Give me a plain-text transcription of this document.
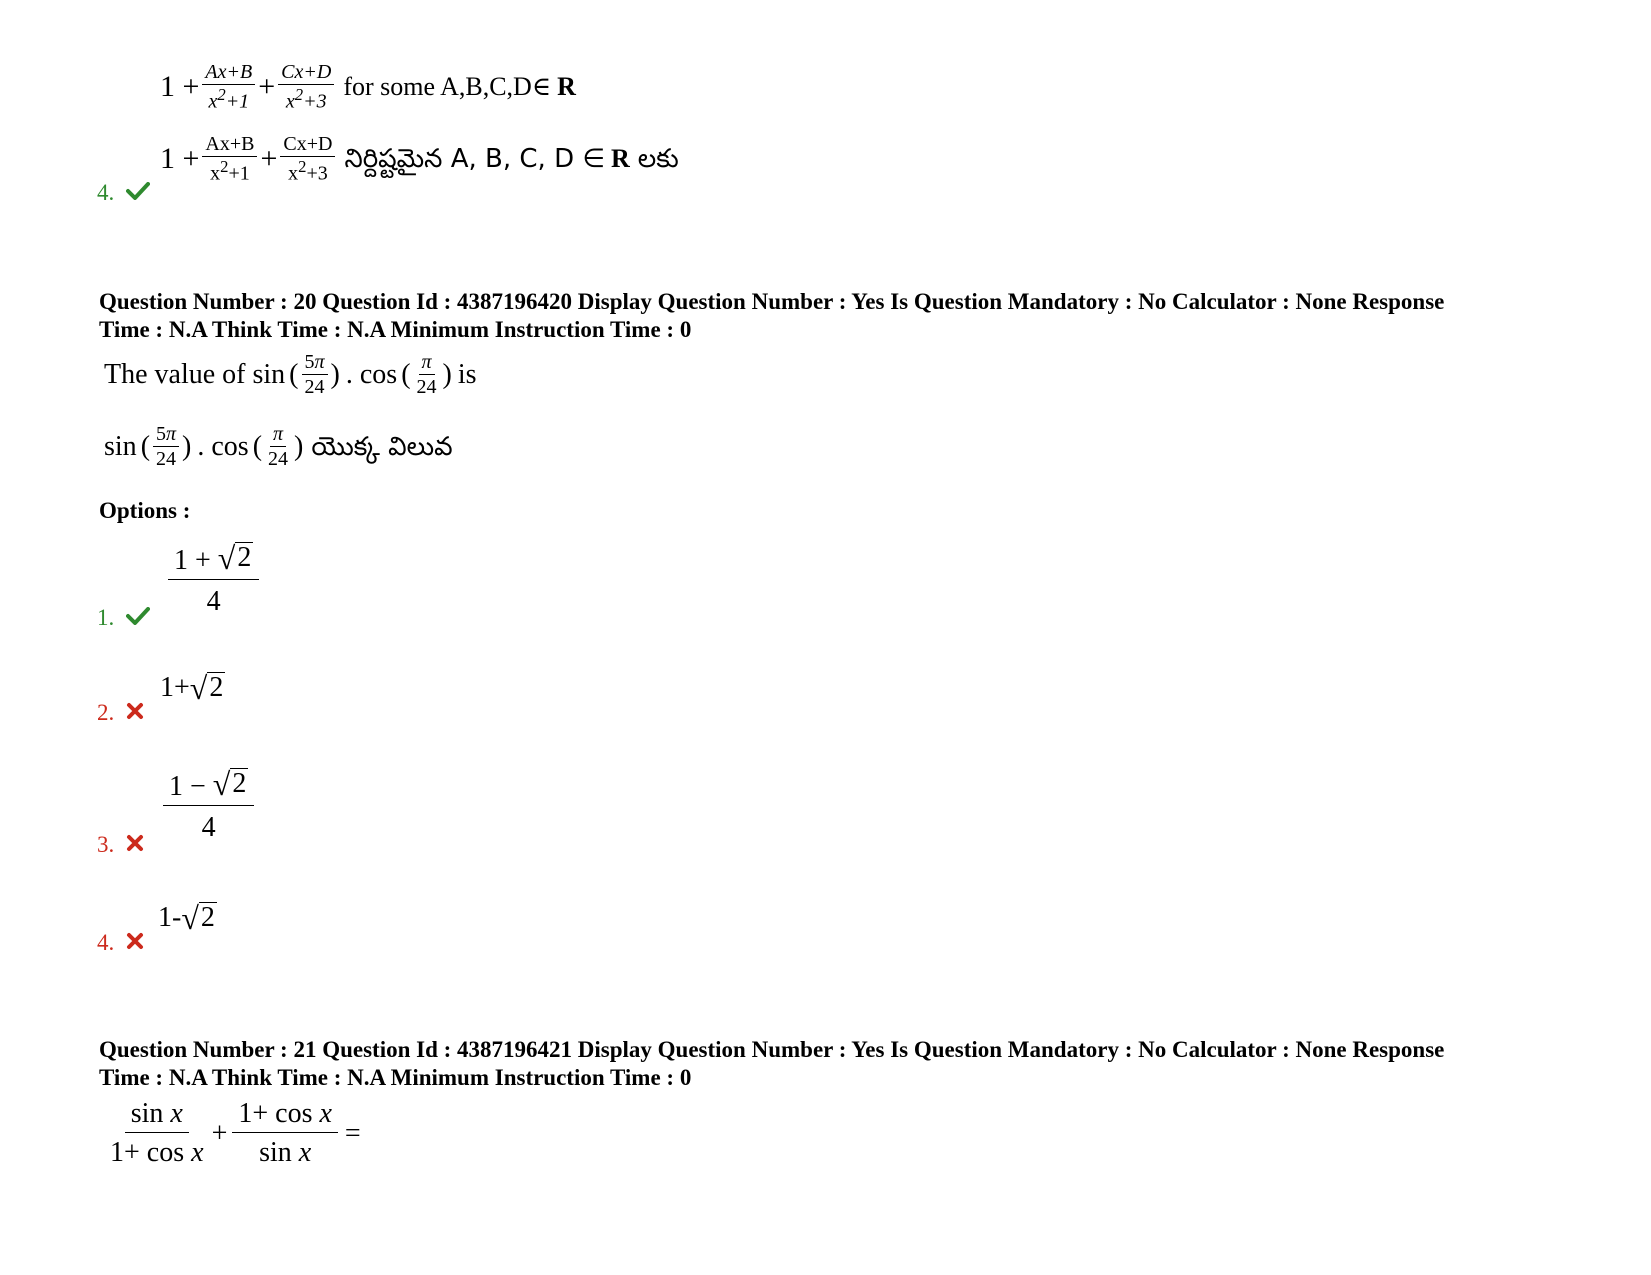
$1 + \frac{Ax+B}{x^2+1} + \frac{Cx+D}{x^2+3}$ for some A,B,C,D∈ R
$1 + \frac{Ax+B}{x^2+1} + \frac{Cx+D}{x^2+3}$ నిర్దిష్టమైన A, B, C, D ∈ R లకు
4.
Question Number : 20 Question Id : 4387196420 Display Question Number : Yes Is Question Mandatory : No Calculator : None Response
Time : N.A Think Time : N.A Minimum Instruction Time : 0
The value of sin ( $\frac{5\pi}{24}$ ) . cos ( $\frac{\pi}{24}$ ) is
sin ( $\frac{5\pi}{24}$ ) . cos ( $\frac{\pi}{24}$ ) యొక్క విలువ
Options :
$\frac{1 + √ 2}{4}$
1.
1+ √ 2
2.
$\frac{1 - √ 2}{4}$
3.
1- √ 2
4.
Question Number : 21 Question Id : 4387196421 Display Question Number : Yes Is Question Mandatory : No Calculator : None Response
Time : N.A Think Time : N.A Minimum Instruction Time : 0
$\frac{\text{sin x}}{\text{1+ cos x}} + \frac{\text{1+ cos x}}{\text{sin x}}$ =
